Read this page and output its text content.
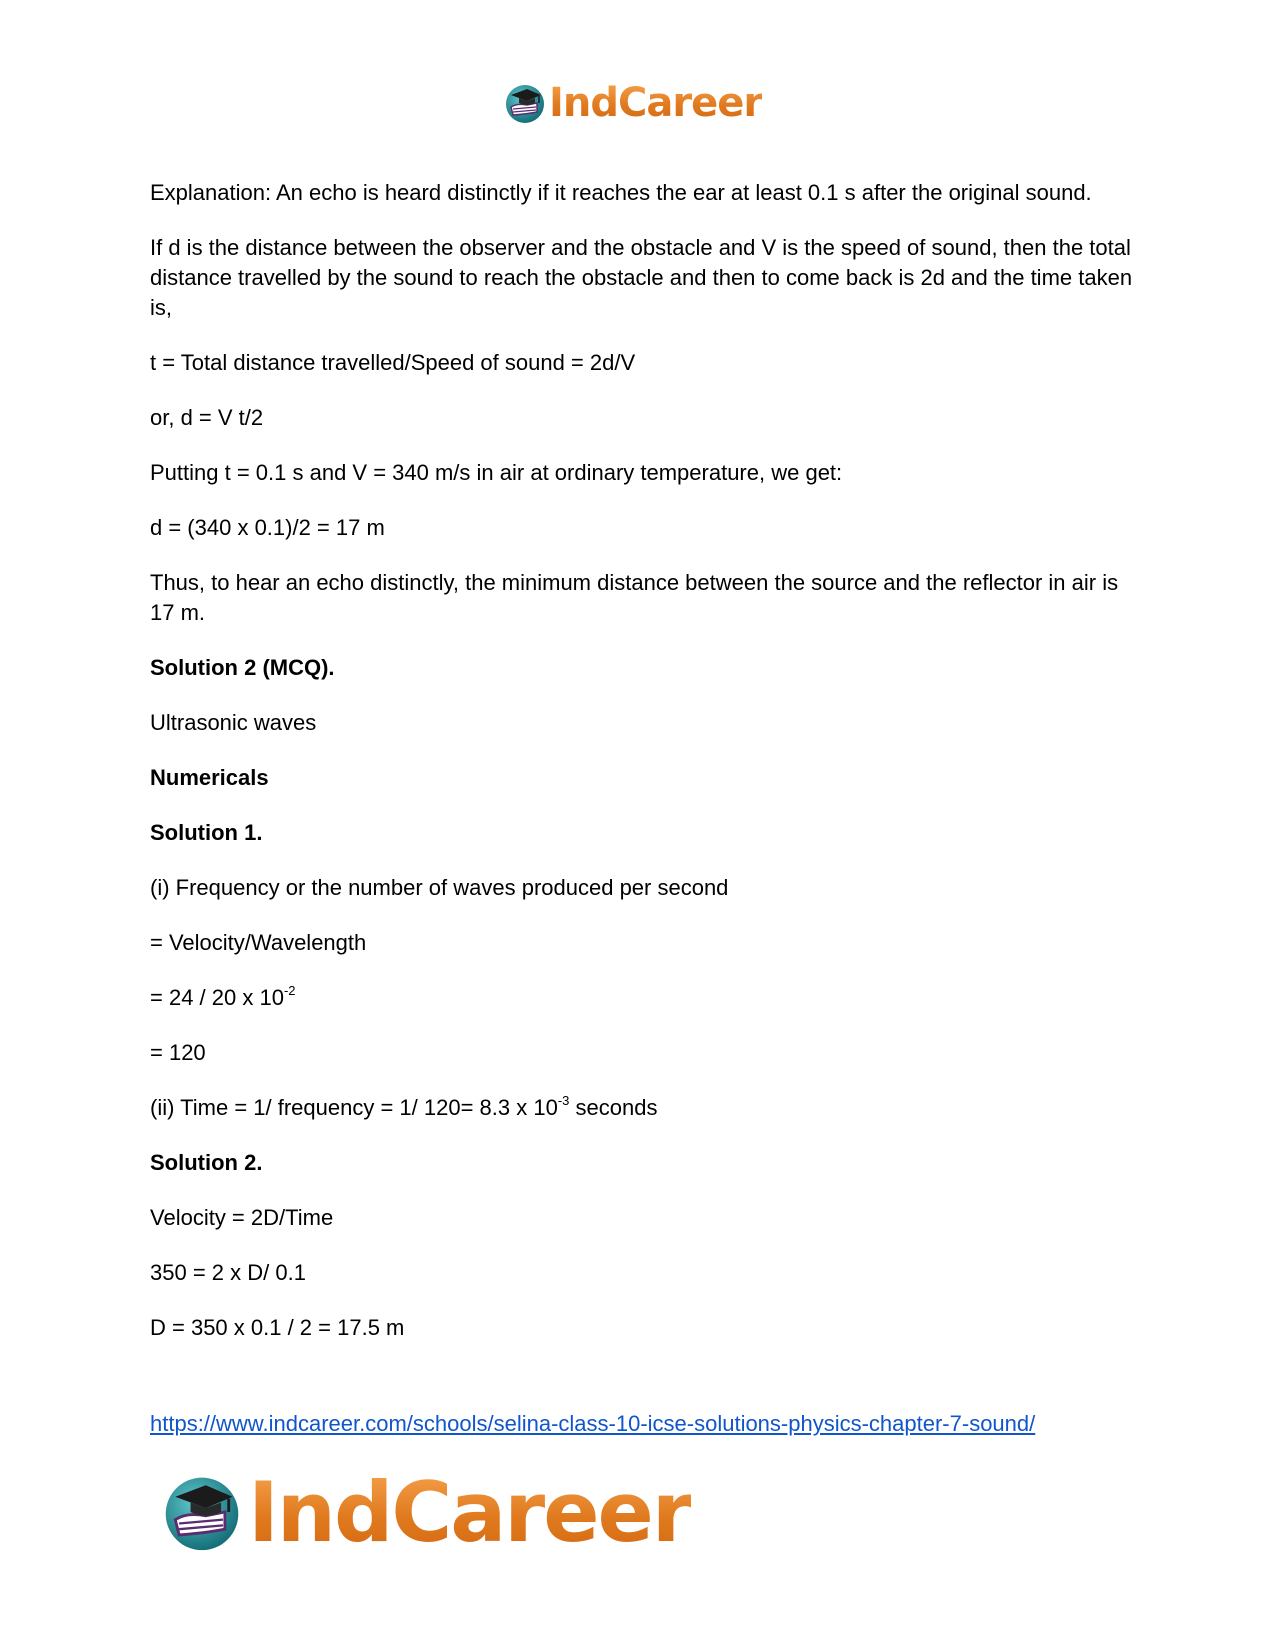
IndCareer

Explanation: An echo is heard distinctly if it reaches the ear at least 0.1 s after the original sound.

If d is the distance between the observer and the obstacle and V is the speed of sound, then the total distance travelled by the sound to reach the obstacle and then to come back is 2d and the time taken is,

t = Total distance travelled/Speed of sound = 2d/V

or, d = V t/2

Putting t = 0.1 s and V = 340 m/s in air at ordinary temperature, we get:

d = (340 x 0.1)/2 = 17 m

Thus, to hear an echo distinctly, the minimum distance between the source and the reflector in air is 17 m.

Solution 2 (MCQ).

Ultrasonic waves

Numericals

Solution 1.

(i) Frequency or the number of waves produced per second

= Velocity/Wavelength

= 24 / 20 x $10^{-2}$

= 120

(ii) Time = 1/ frequency = 1/ 120= 8.3 x $10^{-3}$ seconds

Solution 2.

Velocity = 2D/Time

350 = 2 x D/ 0.1

D = 350 x 0.1 / 2 = 17.5 m

https://www.indcareer.com/schools/selina-class-10-icse-solutions-physics-chapter-7-sound/
IndCareer
